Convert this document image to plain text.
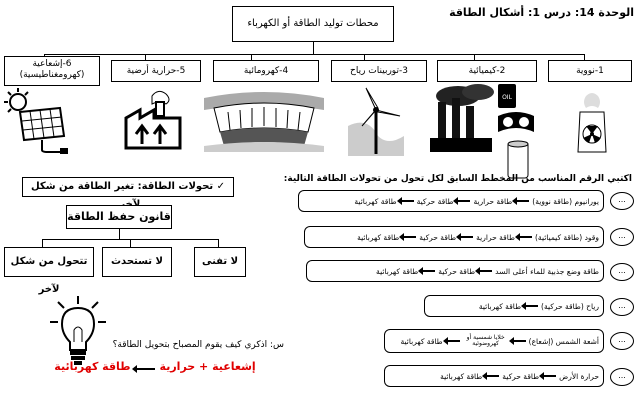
الوحدة 14: درس 1: أشكال الطاقة
محطات توليد الطاقة أو الكهرباء
1-نووية
2-كيميائية
3-توربينات رياح
4-كهرومائية
5-حرارية أرضية
6-إشعاعية
(كهرومغناطيسية)
OIL
✓ تحولات الطاقة: تغير الطاقة من شكل
قانون حفظ الطاقة
لا تفنى
لا تستحدث
تتحول من شكل لآخر
س: اذكري كيف يقوم المصباح بتحويل الطاقة؟
إشعاعية + حرارية  طاقة كهربائية
اكتبي الرقم المناسب من المخطط السابق لكل تحول من تحولات الطاقة التالية:
...
يورانيوم (طاقة نووية)
طاقة حرارية
طاقة حركية
طاقة كهربائية
...
وقود (طاقة كيميائية)
طاقة حرارية
طاقة حركية
طاقة كهربائية
...
طاقة وضع جذبية للماء أعلى السد
طاقة حركية
طاقة كهربائية
...
رياح (طاقة حركية)
طاقة كهربائية
...
أشعة الشمس (إشعاع)
خلايا شمسية أو كهروضوئية
طاقة كهربائية
...
حرارة الأرض
طاقة حركية
طاقة كهربائية
